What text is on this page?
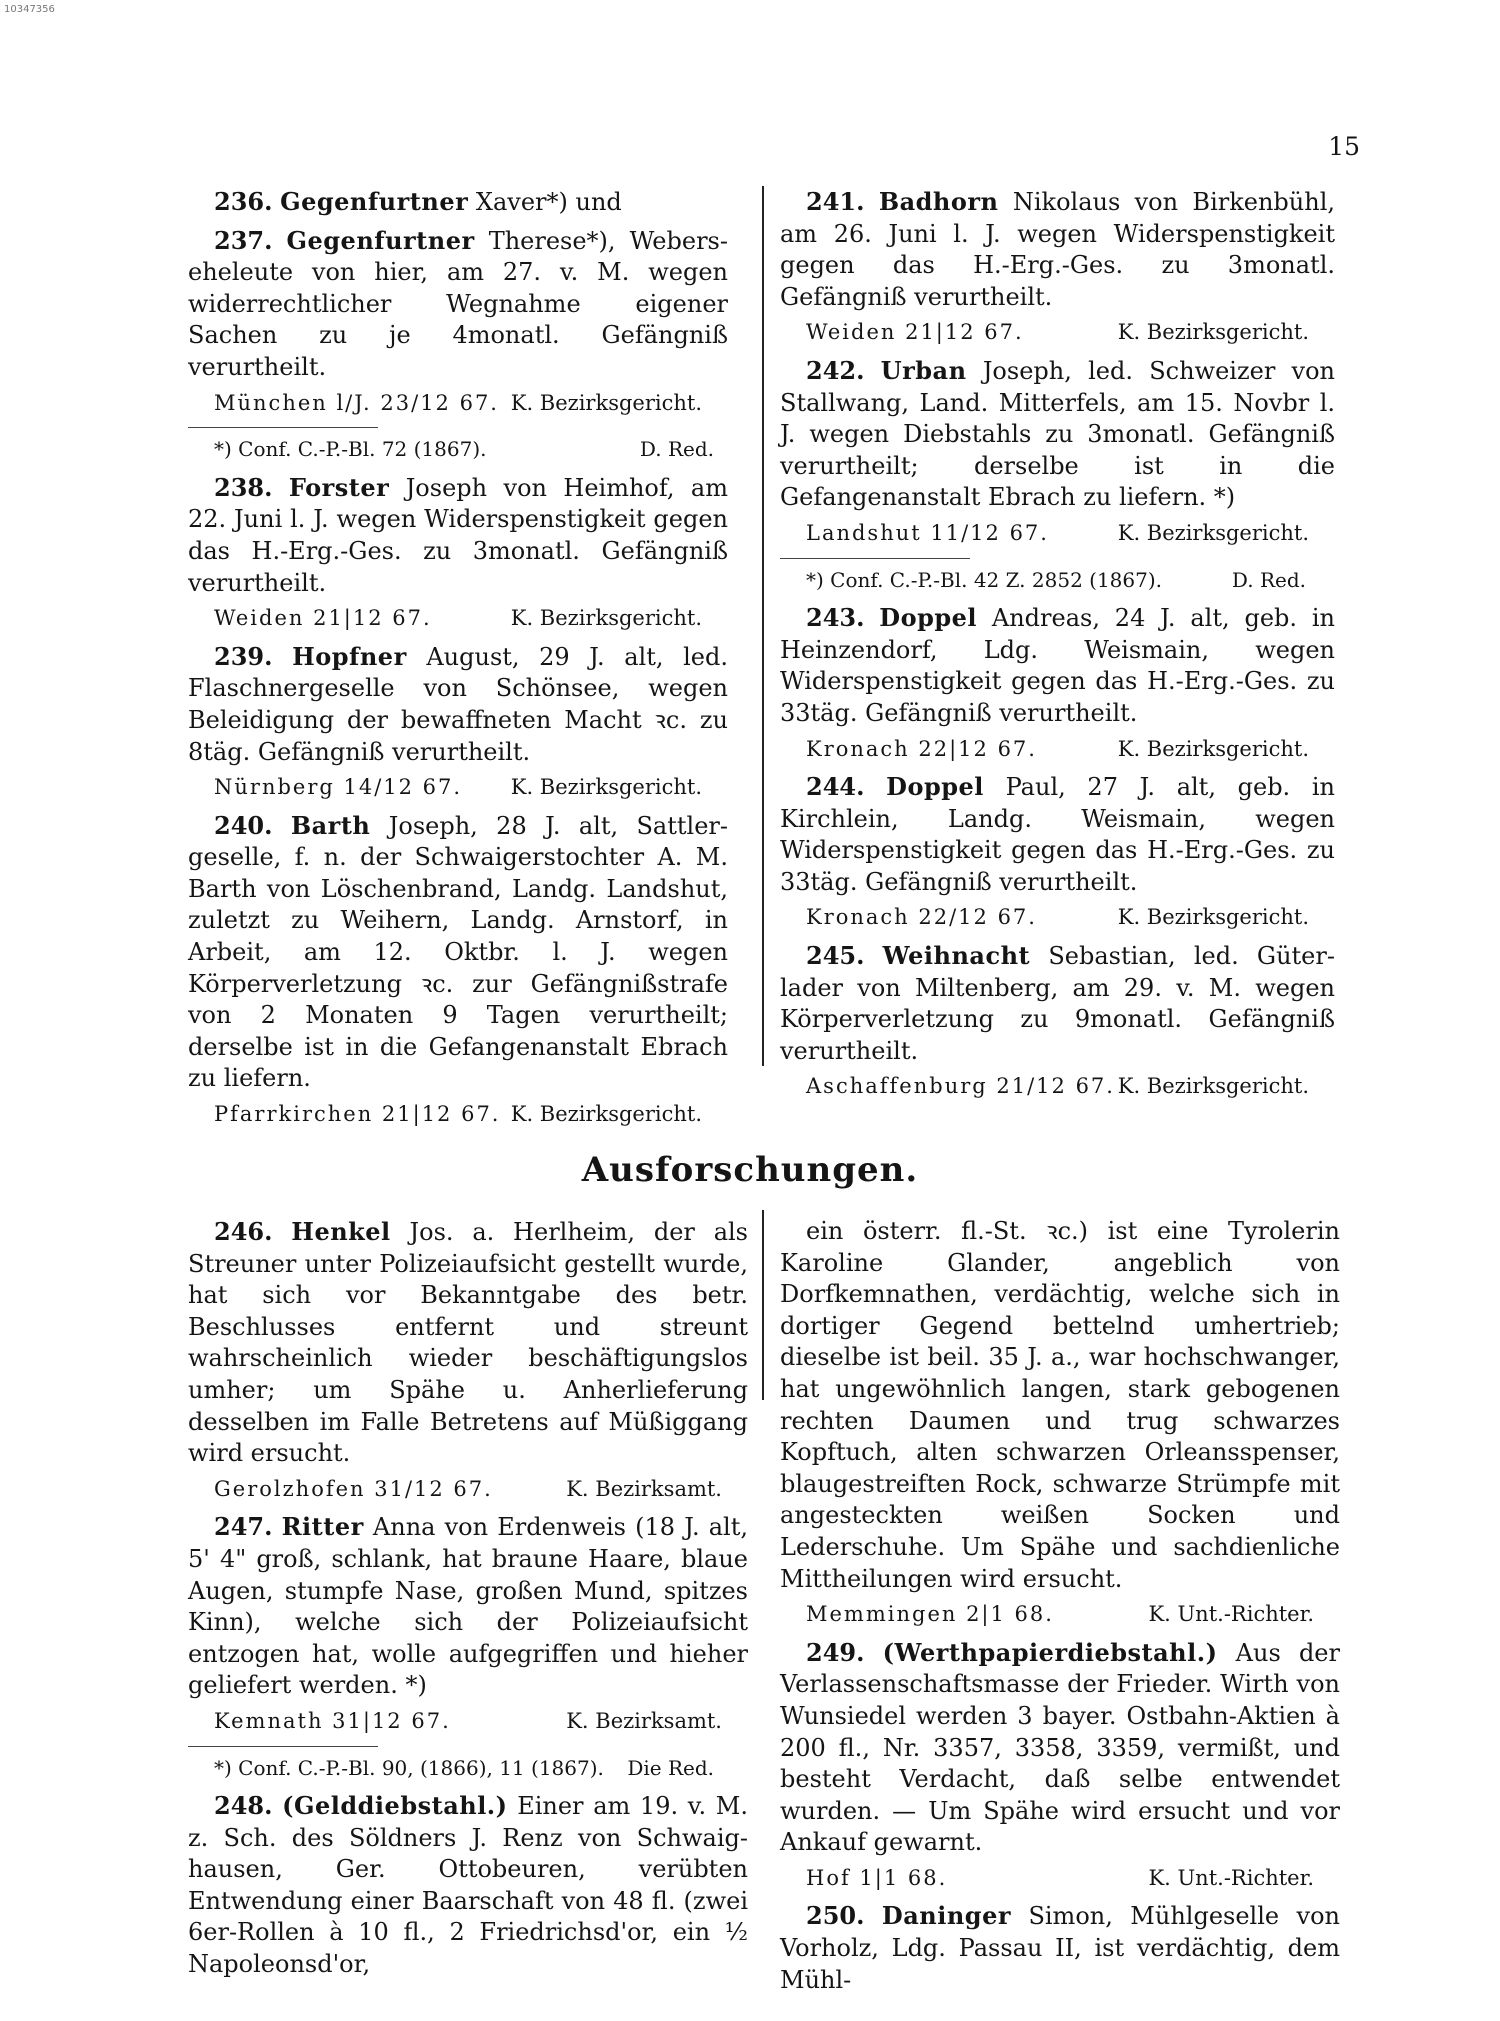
10347356
15

236. Gegenfurtner Xaver*) und

237. Gegenfurtner Therese*), Weberseheleute von hier, am 27. v. M. wegen widerrechtlicher Wegnahme eigener Sachen zu je 4monatl. Gefängniß verurtheilt.

München l/J. 23/12 67. K. Bezirksgericht.
*) Conf. C.-P.-Bl. 72 (1867).	D. Red.

238. Forster Joseph von Heimhof, am 22. Juni l. J. wegen Widerspenstigkeit gegen das H.-Erg.-Ges. zu 3monatl. Gefängniß verurtheilt.

Weiden 21|12 67.	K. Bezirksgericht.

239. Hopfner August, 29 J. alt, led. Flaschnergeselle von Schönsee, wegen Beleidigung der bewaffneten Macht ꝛc. zu 8täg. Gefängniß verurtheilt.

Nürnberg 14/12 67. K. Bezirksgericht.

240. Barth Joseph, 28 J. alt, Sattlergeselle, f. n. der Schwaigerstochter A. M. Barth von Löschenbrand, Landg. Landshut, zuletzt zu Weihern, Landg. Arnstorf, in Arbeit, am 12. Oktbr. l. J. wegen Körperverletzung ꝛc. zur Gefängnißstrafe von 2 Monaten 9 Tagen verurtheilt; derselbe ist in die Gefangenanstalt Ebrach zu liefern.

Pfarrkirchen 21|12 67. K. Bezirksgericht.

241. Badhorn Nikolaus von Birkenbühl, am 26. Juni l. J. wegen Widerspenstigkeit gegen das H.-Erg.-Ges. zu 3monatl. Gefängniß verurtheilt.

Weiden 21|12 67.	K. Bezirksgericht.

242. Urban Joseph, led. Schweizer von Stallwang, Land. Mitterfels, am 15. Novbr l. J. wegen Diebstahls zu 3monatl. Gefängniß verurtheilt; derselbe ist in die Gefangenanstalt Ebrach zu liefern. *)

Landshut 11/12 67.	K. Bezirksgericht.
*) Conf. C.-P.-Bl. 42 Z. 2852 (1867).	D. Red.

243. Doppel Andreas, 24 J. alt, geb. in Heinzendorf, Ldg. Weismain, wegen Widerspenstigkeit gegen das H.-Erg.-Ges. zu 33täg. Gefängniß verurtheilt.

Kronach 22|12 67.	K. Bezirksgericht.

244. Doppel Paul, 27 J. alt, geb. in Kirchlein, Landg. Weismain, wegen Widerspenstigkeit gegen das H.-Erg.-Ges. zu 33täg. Gefängniß verurtheilt.

Kronach 22/12 67.	K. Bezirksgericht.

245. Weihnacht Sebastian, led. Güterlader von Miltenberg, am 29. v. M. wegen Körperverletzung zu 9monatl. Gefängniß verurtheilt.

Aschaffenburg 21/12 67. K. Bezirksgericht.
Ausforschungen.

246. Henkel Jos. a. Herlheim, der als Streuner unter Polizeiaufsicht gestellt wurde, hat sich vor Bekanntgabe des betr. Beschlusses entfernt und streunt wahrscheinlich wieder beschäftigungslos umher; um Spähe u. Anherlieferung desselben im Falle Betretens auf Müßiggang wird ersucht.

Gerolzhofen 31/12 67.	K. Bezirksamt.

247. Ritter Anna von Erdenweis (18 J. alt, 5' 4" groß, schlank, hat braune Haare, blaue Augen, stumpfe Nase, großen Mund, spitzes Kinn), welche sich der Polizeiaufsicht entzogen hat, wolle aufgegriffen und hieher geliefert werden. *)

Kemnath 31|12 67.	K. Bezirksamt.
*) Conf. C.-P.-Bl. 90, (1866), 11 (1867). Die Red.

248. (Gelddiebstahl.) Einer am 19. v. M. z. Sch. des Söldners J. Renz von Schwaighausen, Ger. Ottobeuren, verübten Entwendung einer Baarschaft von 48 fl. (zwei 6er-Rollen à 10 fl., 2 Friedrichsd'or, ein ½ Napoleonsd'or,

ein österr. fl.-St. ꝛc.) ist eine Tyrolerin Karoline Glander, angeblich von Dorfkemnathen, verdächtig, welche sich in dortiger Gegend bettelnd umhertrieb; dieselbe ist beil. 35 J. a., war hochschwanger, hat ungewöhnlich langen, stark gebogenen rechten Daumen und trug schwarzes Kopftuch, alten schwarzen Orleansspenser, blaugestreiften Rock, schwarze Strümpfe mit angesteckten weißen Socken und Lederschuhe. Um Spähe und sachdienliche Mittheilungen wird ersucht.

Memmingen 2|1 68.	K. Unt.-Richter.

249. (Werthpapierdiebstahl.) Aus der Verlassenschaftsmasse der Frieder. Wirth von Wunsiedel werden 3 bayer. Ostbahn-Aktien à 200 fl., Nr. 3357, 3358, 3359, vermißt, und besteht Verdacht, daß selbe entwendet wurden. — Um Spähe wird ersucht und vor Ankauf gewarnt.

Hof 1|1 68.	K. Unt.-Richter.

250. Daninger Simon, Mühlgeselle von Vorholz, Ldg. Passau II, ist verdächtig, dem Mühl-
